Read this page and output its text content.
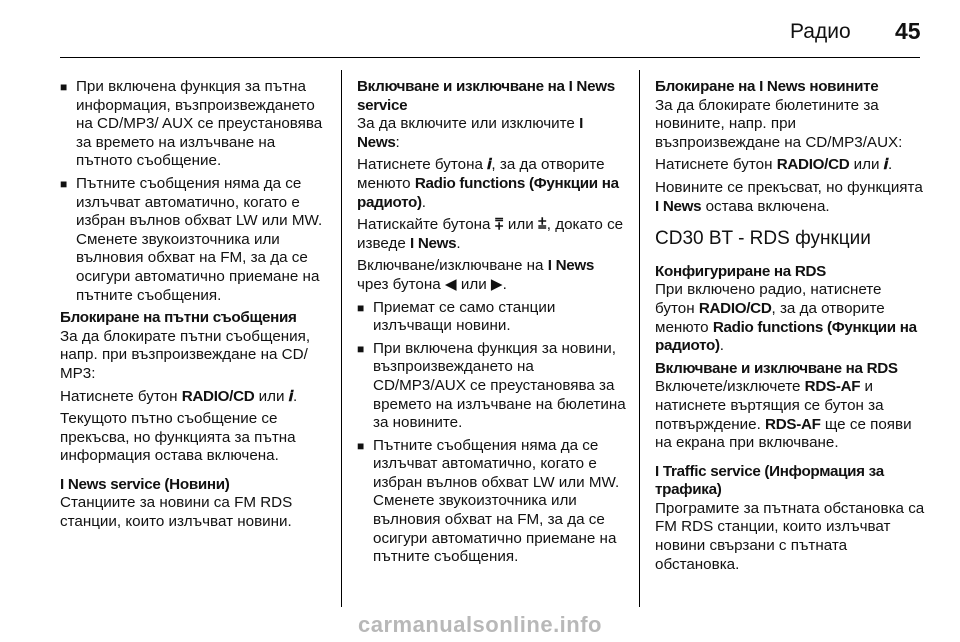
Радио 45
■ При включена функция за пътна информация, възпроизвеждането на CD/MP3/ AUX се преустановява за времето на излъчване на пътното съобщение.
■ Пътните съобщения няма да се излъчват автоматично, когато е избран вълнов обхват LW или MW. Сменете звукоизточника или вълновия обхват на FM, за да се осигури автоматично приемане на пътните съобщения.
Блокиране на пътни съобщения

За да блокирате пътни съобщения, напр. при възпроизвеждане на CD/ MP3:

Натиснете бутон RADIO/CD или 𝒊.

Текущото пътно съобщение се прекъсва, но функцията за пътна информация остава включена.

I News service (Новини)

Станциите за новини са FM RDS станции, които излъчват новини.

Включване и изключване на I News service

За да включите или изключите I News:

Натиснете бутона 𝒊, за да отворите менюто Radio functions (Функции на радиото).

Натискайте бутона ⩱ или ⩲, докато се изведе I News.

Включване/изключване на I News чрез бутона ◀ или ▶.

■ Приемат се само станции излъчващи новини.
■ При включена функция за новини, възпроизвеждането на CD/MP3/AUX се преустановява за времето на излъчване на бюлетина за новините.
■ Пътните съобщения няма да се излъчват автоматично, когато е избран вълнов обхват LW или MW. Сменете звукоизточника или вълновия обхват на FM, за да се осигури автоматично приемане на пътните съобщения.
Блокиране на I News новините

За да блокирате бюлетините за новините, напр. при възпроизвеждане на CD/MP3/AUX:

Натиснете бутон RADIO/CD или 𝒊.

Новините се прекъсват, но функцията I News остава включена.

CD30 BT - RDS функции
Конфигуриране на RDS

При включено радио, натиснете бутон RADIO/CD, за да отворите менюто Radio functions (Функции на радиото).

Включване и изключване на RDS

Включете/изключете RDS-AF и натиснете въртящия се бутон за потвърждение. RDS-AF ще се появи на екрана при включване.

I Traffic service (Информация за трафика)

Програмите за пътната обстановка са FM RDS станции, които излъчват новини свързани с пътната обстановка.

carmanualsonline.info
